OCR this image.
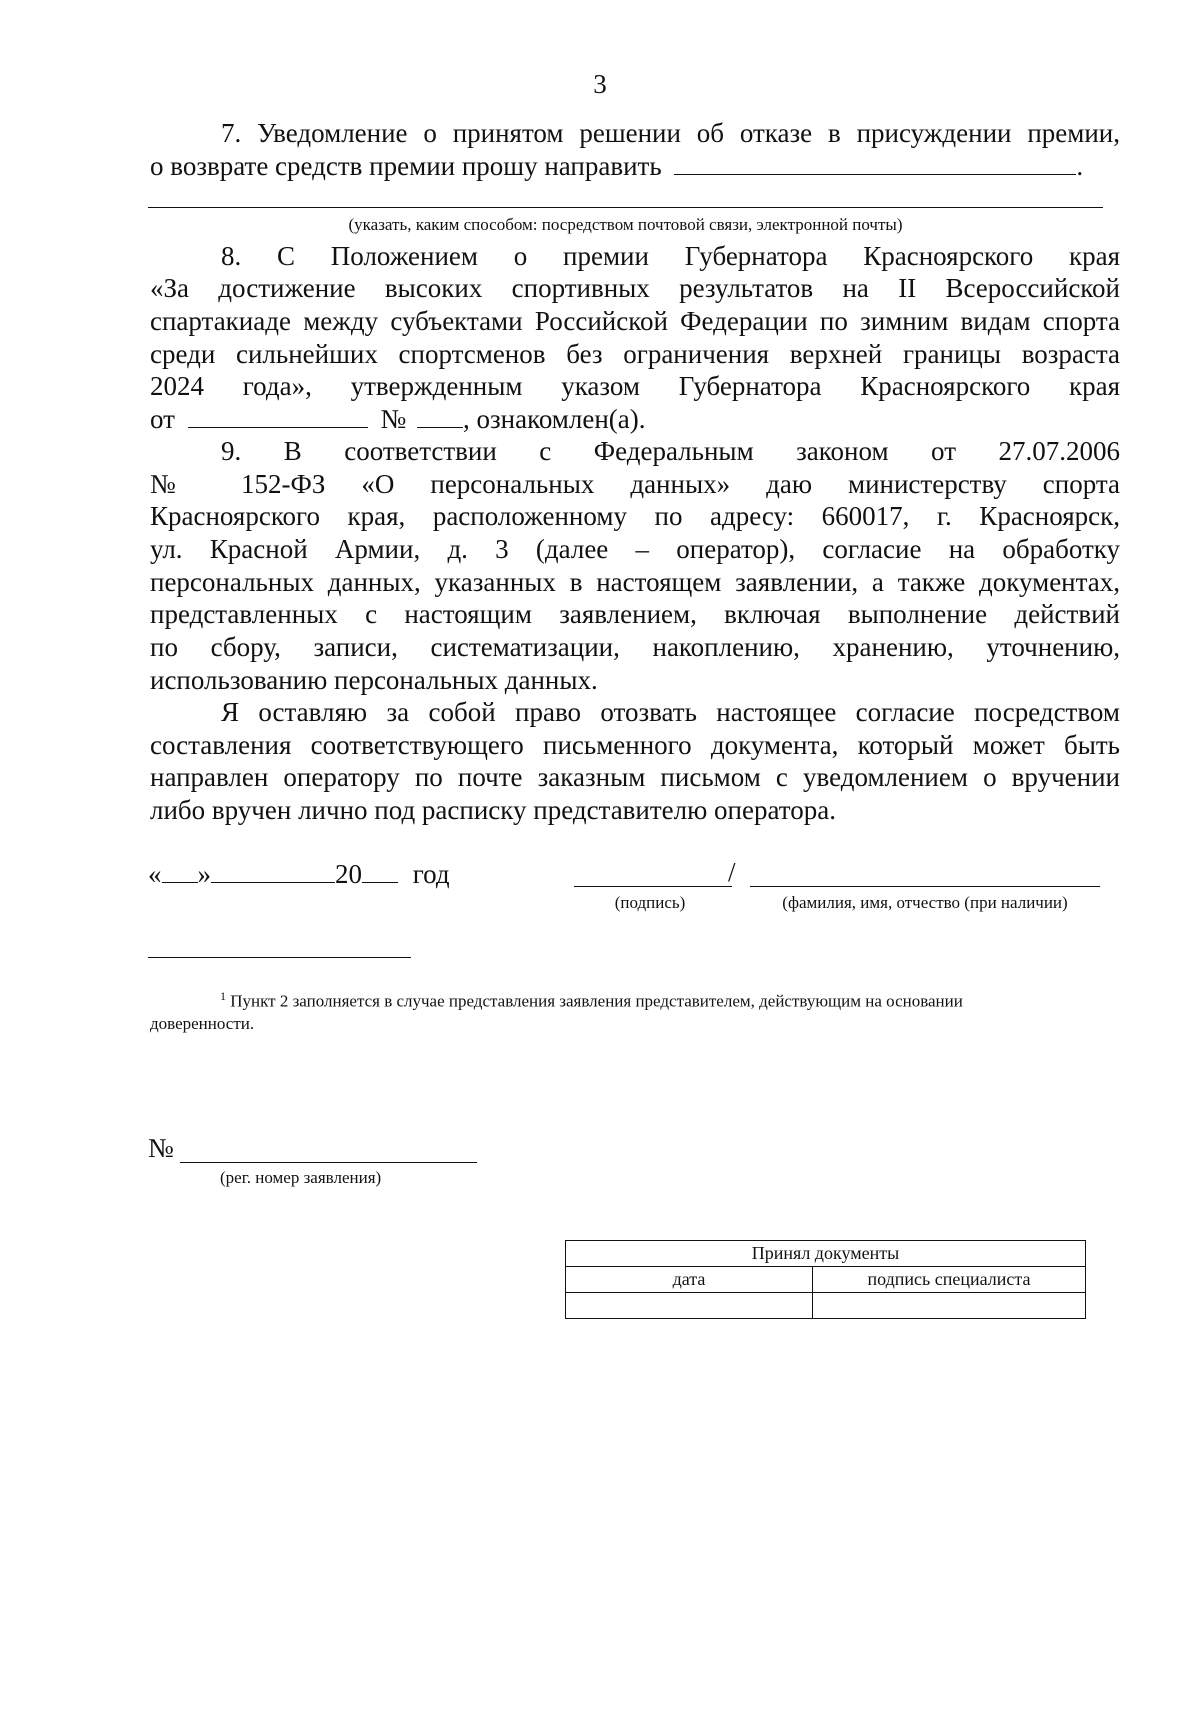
3
7. Уведомление о принятом решении об отказе в присуждении премии,
о возврате средств премии прошу направить	.
(указать, каким способом: посредством почтовой связи, электронной почты)
8. С Положением о премии Губернатора Красноярского края
«За достижение высоких спортивных результатов на II Всероссийской
спартакиаде между субъектами Российской Федерации по зимним видам спорта
среди сильнейших спортсменов без ограничения верхней границы возраста
2024 года», утвержденным указом Губернатора Красноярского края
от	№ , ознакомлен(а).
9. В соответствии с Федеральным законом от 27.07.2006
№ 152-ФЗ «О персональных данных» даю министерству спорта
Красноярского края, расположенному по адресу: 660017, г. Красноярск,
ул. Красной Армии, д. 3 (далее – оператор), согласие на обработку
персональных данных, указанных в настоящем заявлении, а также документах,
представленных с настоящим заявлением, включая выполнение действий
по сбору, записи, систематизации, накоплению, хранению, уточнению,
использованию персональных данных.
Я оставляю за собой право отозвать настоящее согласие посредством
составления соответствующего письменного документа, который может быть
направлен оператору по почте заказным письмом с уведомлением о вручении
либо вручен лично под расписку представителю оператора.
« »	20 год	/
(подпись)	(фамилия, имя, отчество (при наличии)
$^1$ Пункт 2 заполняется в случае представления заявления представителем, действующим на основании
доверенности.
№
(рег. номер заявления)
Принял документы	
дата	подпись специалиста
